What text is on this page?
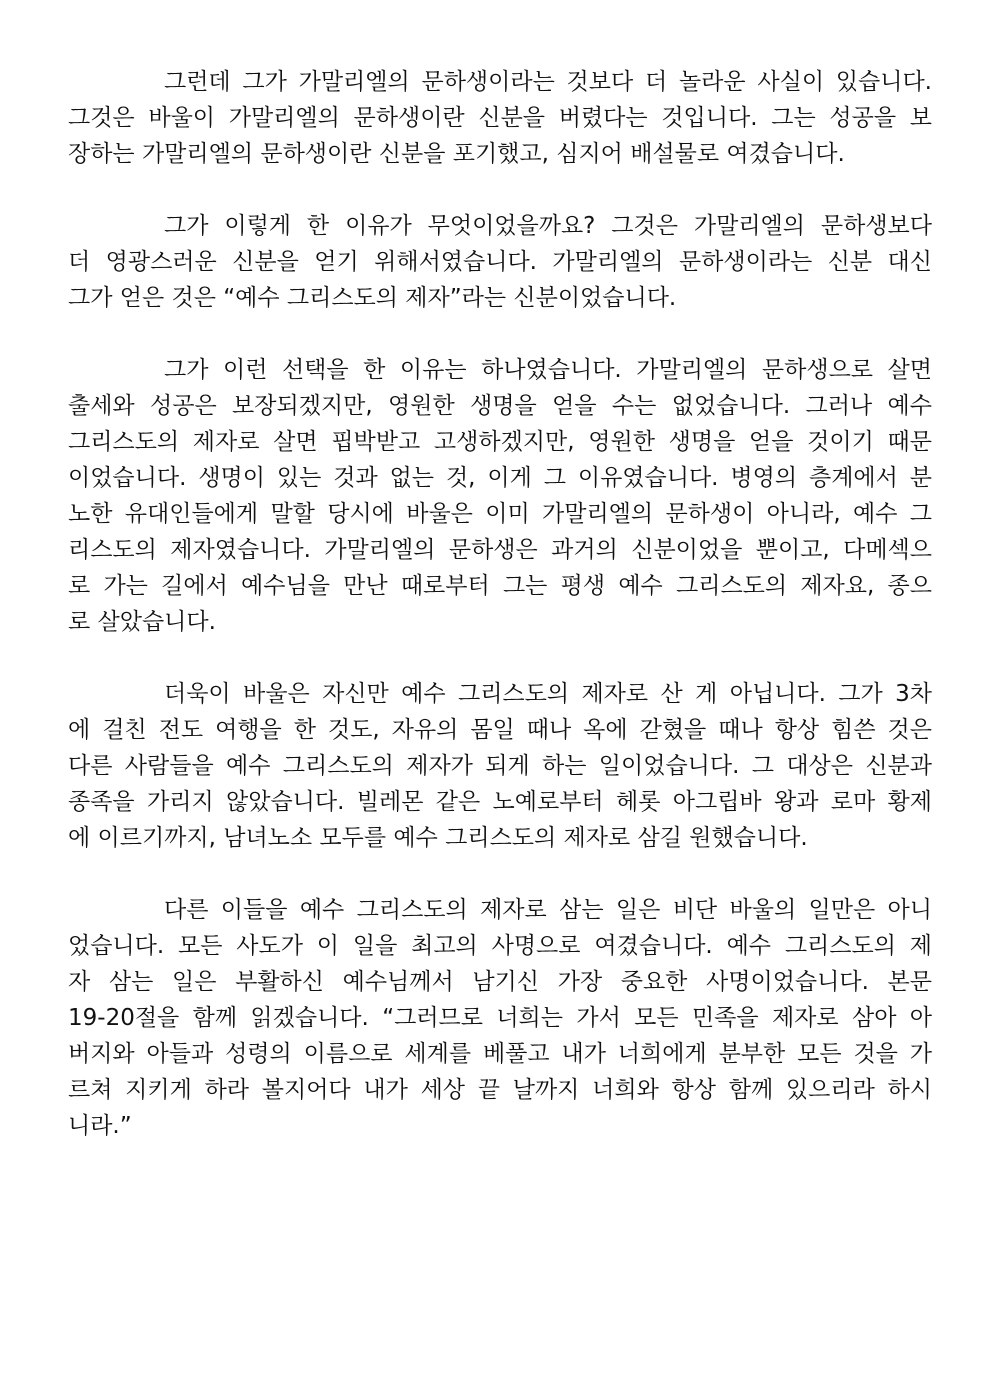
그런데 그가 가말리엘의 문하생이라는 것보다 더 놀라운 사실이 있습니다.
그것은 바울이 가말리엘의 문하생이란 신분을 버렸다는 것입니다. 그는 성공을 보
장하는 가말리엘의 문하생이란 신분을 포기했고, 심지어 배설물로 여겼습니다.
그가 이렇게 한 이유가 무엇이었을까요? 그것은 가말리엘의 문하생보다
더 영광스러운 신분을 얻기 위해서였습니다. 가말리엘의 문하생이라는 신분 대신
그가 얻은 것은 “예수 그리스도의 제자”라는 신분이었습니다.
그가 이런 선택을 한 이유는 하나였습니다. 가말리엘의 문하생으로 살면
출세와 성공은 보장되겠지만, 영원한 생명을 얻을 수는 없었습니다. 그러나 예수
그리스도의 제자로 살면 핍박받고 고생하겠지만, 영원한 생명을 얻을 것이기 때문
이었습니다. 생명이 있는 것과 없는 것, 이게 그 이유였습니다. 병영의 층계에서 분
노한 유대인들에게 말할 당시에 바울은 이미 가말리엘의 문하생이 아니라, 예수 그
리스도의 제자였습니다. 가말리엘의 문하생은 과거의 신분이었을 뿐이고, 다메섹으
로 가는 길에서 예수님을 만난 때로부터 그는 평생 예수 그리스도의 제자요, 종으
로 살았습니다.
더욱이 바울은 자신만 예수 그리스도의 제자로 산 게 아닙니다. 그가 3차
에 걸친 전도 여행을 한 것도, 자유의 몸일 때나 옥에 갇혔을 때나 항상 힘쓴 것은
다른 사람들을 예수 그리스도의 제자가 되게 하는 일이었습니다. 그 대상은 신분과
종족을 가리지 않았습니다. 빌레몬 같은 노예로부터 헤롯 아그립바 왕과 로마 황제
에 이르기까지, 남녀노소 모두를 예수 그리스도의 제자로 삼길 원했습니다.
다른 이들을 예수 그리스도의 제자로 삼는 일은 비단 바울의 일만은 아니
었습니다. 모든 사도가 이 일을 최고의 사명으로 여겼습니다. 예수 그리스도의 제
자 삼는 일은 부활하신 예수님께서 남기신 가장 중요한 사명이었습니다. 본문
19-20절을 함께 읽겠습니다. “그러므로 너희는 가서 모든 민족을 제자로 삼아 아
버지와 아들과 성령의 이름으로 세계를 베풀고 내가 너희에게 분부한 모든 것을 가
르쳐 지키게 하라 볼지어다 내가 세상 끝 날까지 너희와 항상 함께 있으리라 하시
니라.”
